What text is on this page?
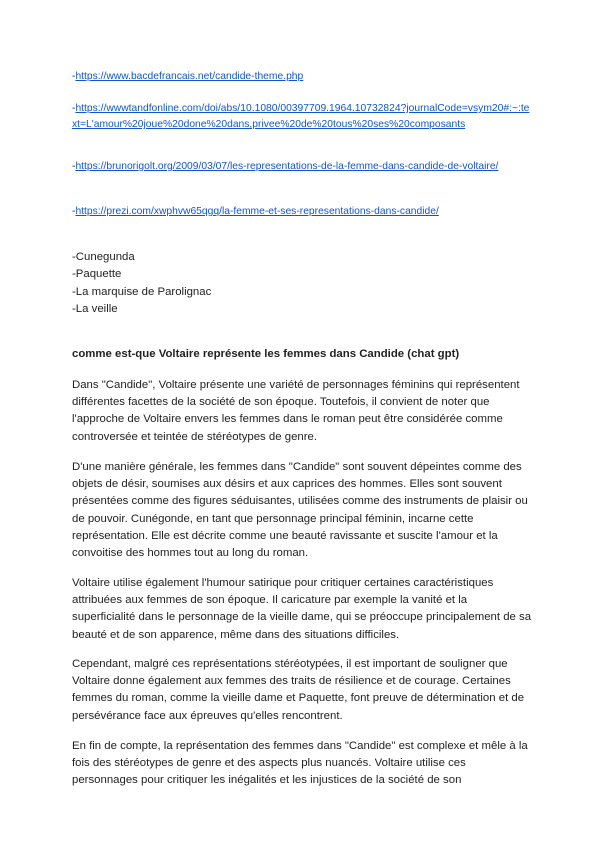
-https://www.bacdefrancais.net/candide-theme.php
-https://wwwtandfonline.com/doi/abs/10.1080/00397709.1964.10732824?journalCode=vsym20#:~:text=L'amour%20joue%20done%20dans,privee%20de%20tous%20ses%20composants
-https://brunorigolt.org/2009/03/07/les-representations-de-la-femme-dans-candide-de-voltaire/
-https://prezi.com/xwphvw65qgq/la-femme-et-ses-representations-dans-candide/
-Cunegunda
-Paquette
-La marquise de Parolignac
-La veille
comme est-que Voltaire représente les femmes dans Candide (chat gpt)

Dans "Candide", Voltaire présente une variété de personnages féminins qui représentent différentes facettes de la société de son époque. Toutefois, il convient de noter que l'approche de Voltaire envers les femmes dans le roman peut être considérée comme controversée et teintée de stéréotypes de genre.

D'une manière générale, les femmes dans "Candide" sont souvent dépeintes comme des objets de désir, soumises aux désirs et aux caprices des hommes. Elles sont souvent présentées comme des figures séduisantes, utilisées comme des instruments de plaisir ou de pouvoir. Cunégonde, en tant que personnage principal féminin, incarne cette représentation. Elle est décrite comme une beauté ravissante et suscite l'amour et la convoitise des hommes tout au long du roman.

Voltaire utilise également l'humour satirique pour critiquer certaines caractéristiques attribuées aux femmes de son époque. Il caricature par exemple la vanité et la superficialité dans le personnage de la vieille dame, qui se préoccupe principalement de sa beauté et de son apparence, même dans des situations difficiles.

Cependant, malgré ces représentations stéréotypées, il est important de souligner que Voltaire donne également aux femmes des traits de résilience et de courage. Certaines femmes du roman, comme la vieille dame et Paquette, font preuve de détermination et de persévérance face aux épreuves qu'elles rencontrent.

En fin de compte, la représentation des femmes dans "Candide" est complexe et mêle à la fois des stéréotypes de genre et des aspects plus nuancés. Voltaire utilise ces personnages pour critiquer les inégalités et les injustices de la société de son
